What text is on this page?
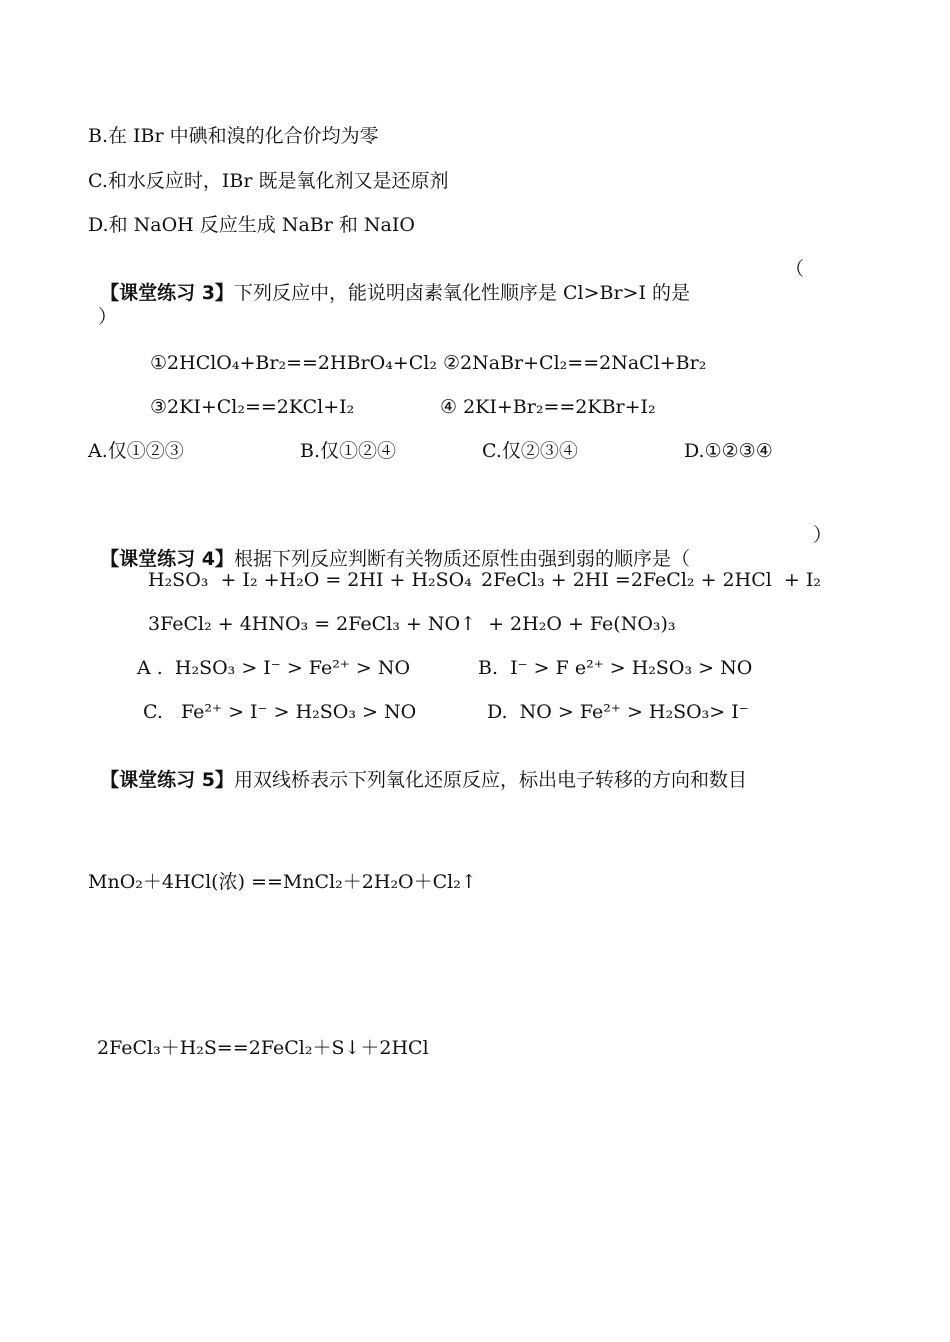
B.在 IBr 中碘和溴的化合价均为零
C.和水反应时，IBr 既是氧化剂又是还原剂
D.和 NaOH 反应生成 NaBr 和 NaIO

【课堂练习 3】下列反应中，能说明卤素氧化性顺序是 Cl>Br>I 的是

（
）
①2HClO₄+Br₂==2HBrO₄+Cl₂ ②2NaBr+Cl₂==2NaCl+Br₂
③2KI+Cl₂==2KCl+I₂	④ 2KI+Br₂==2KBr+I₂
A.仅①②③	B.仅①②④	C.仅②③④	D.①②③④

【课堂练习 4】根据下列反应判断有关物质还原性由强到弱的顺序是（

）
H₂SO₃  + I₂ +H₂O = 2HI + H₂SO₄ 2FeCl₃ + 2HI =2FeCl₂ + 2HCl  + I₂
3FeCl₂ + 4HNO₃ = 2FeCl₃ + NO↑  + 2H₂O + Fe(NO₃)₃
A .  H₂SO₃ > I⁻ > Fe²⁺ > NO	B.  I⁻ > F e²⁺ > H₂SO₃ > NO
C.   Fe²⁺ > I⁻ > H₂SO₃ > NO	D.  NO > Fe²⁺ > H₂SO₃> I⁻

【课堂练习 5】用双线桥表示下列氧化还原反应，标出电子转移的方向和数目

MnO₂＋4HCl(浓) ==MnCl₂＋2H₂O＋Cl₂↑
2FeCl₃＋H₂S==2FeCl₂＋S↓＋2HCl
